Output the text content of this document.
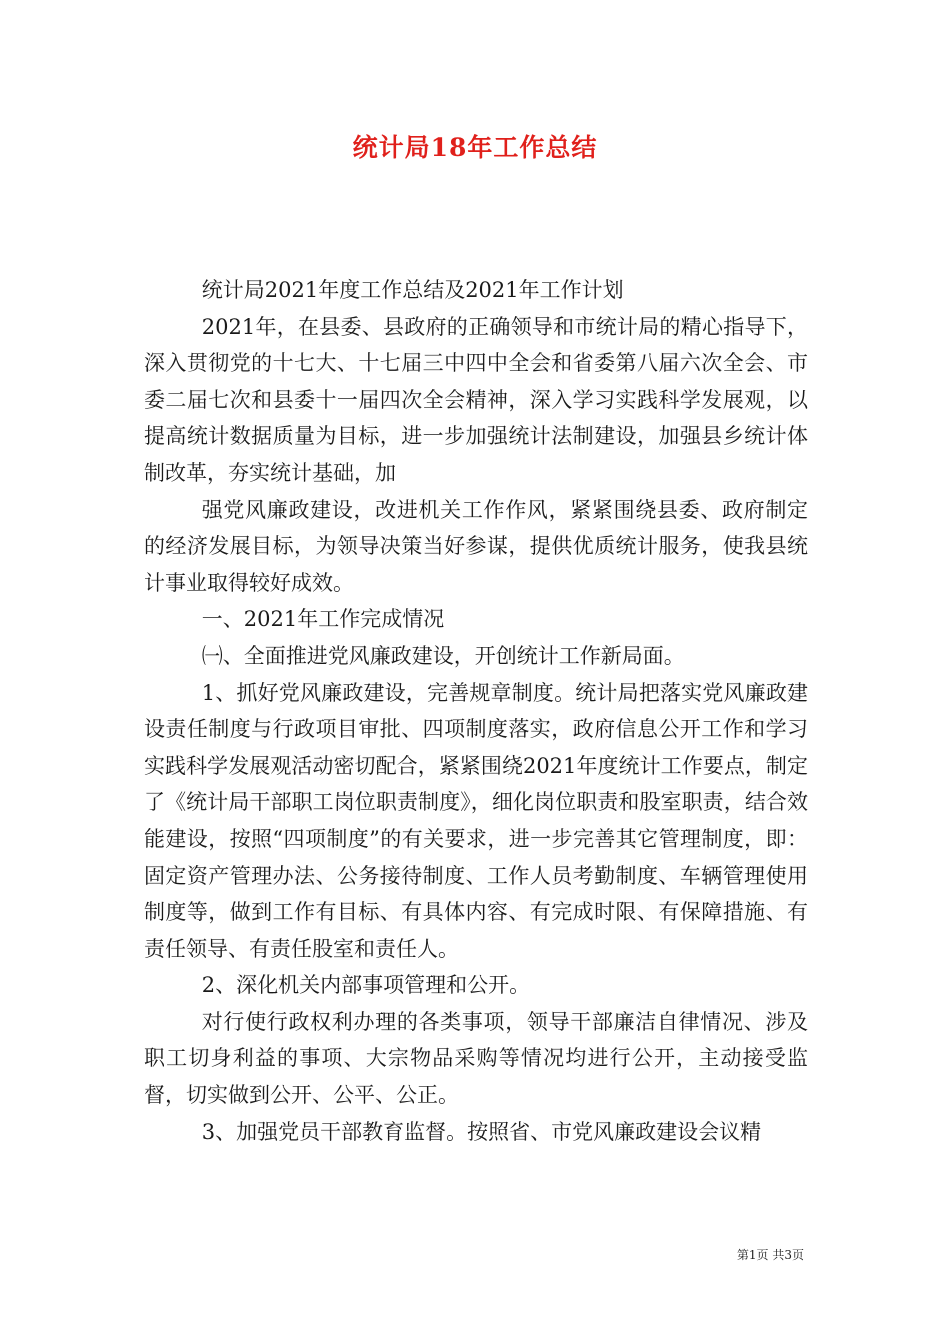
统计局18年工作总结

统计局2021年度工作总结及2021年工作计划

2021年，在县委、县政府的正确领导和市统计局的精心指导下，深入贯彻党的十七大、十七届三中四中全会和省委第八届六次全会、市委二届七次和县委十一届四次全会精神，深入学习实践科学发展观，以提高统计数据质量为目标，进一步加强统计法制建设，加强县乡统计体制改革，夯实统计基础，加

强党风廉政建设，改进机关工作作风，紧紧围绕县委、政府制定的经济发展目标，为领导决策当好参谋，提供优质统计服务，使我县统计事业取得较好成效。

一、2021年工作完成情况

㈠、全面推进党风廉政建设，开创统计工作新局面。

1、抓好党风廉政建设，完善规章制度。统计局把落实党风廉政建设责任制度与行政项目审批、四项制度落实，政府信息公开工作和学习实践科学发展观活动密切配合，紧紧围绕2021年度统计工作要点，制定了《统计局干部职工岗位职责制度》，细化岗位职责和股室职责，结合效能建设，按照“四项制度”的有关要求，进一步完善其它管理制度，即：固定资产管理办法、公务接待制度、工作人员考勤制度、车辆管理使用制度等，做到工作有目标、有具体内容、有完成时限、有保障措施、有责任领导、有责任股室和责任人。

2、深化机关内部事项管理和公开。

对行使行政权利办理的各类事项，领导干部廉洁自律情况、涉及职工切身利益的事项、大宗物品采购等情况均进行公开，主动接受监督，切实做到公开、公平、公正。

3、加强党员干部教育监督。按照省、市党风廉政建设会议精

第1页 共3页
